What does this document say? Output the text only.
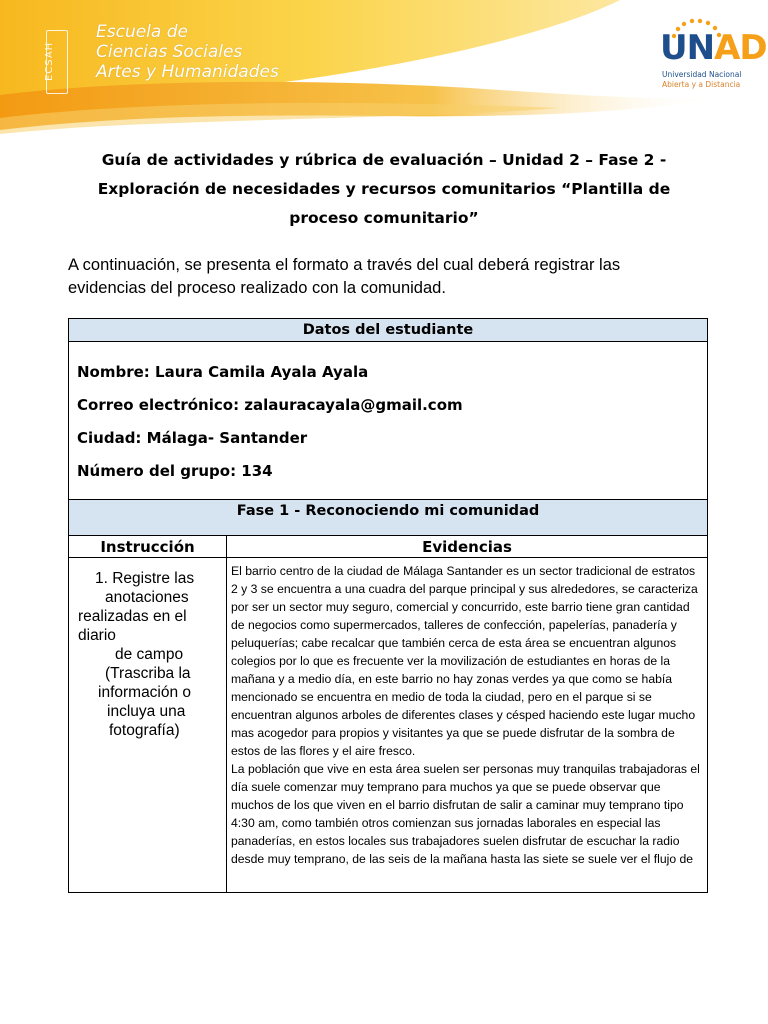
ECSAH
Escuela de
Ciencias Sociales
Artes y Humanidades
UNAD
Universidad Nacional
Abierta y a Distancia
Guía de actividades y rúbrica de evaluación – Unidad 2 – Fase 2 -
Exploración de necesidades y recursos comunitarios “Plantilla de
proceso comunitario”
A continuación, se presenta el formato a través del cual deberá registrar las
evidencias del proceso realizado con la comunidad.
Datos del estudiante
Nombre: Laura Camila Ayala Ayala
Correo electrónico: zalauracayala@gmail.com
Ciudad: Málaga- Santander
Número del grupo: 134
Fase 1 - Reconociendo mi comunidad
Instrucción	Evidencias
1. Registre las
anotaciones
realizadas en el
diario
de campo
(Trascriba la
información o
incluya una
fotografía)

El barrio centro de la ciudad de Málaga Santander es un sector tradicional de estratos 2 y 3 se encuentra a una cuadra del parque principal y sus alrededores, se caracteriza por ser un sector muy seguro, comercial y concurrido, este barrio tiene gran cantidad de negocios como supermercados, talleres de confección, papelerías, panadería y peluquerías; cabe recalcar que también cerca de esta área se encuentran algunos colegios por lo que es frecuente ver la movilización de estudiantes en horas de la mañana y a medio día, en este barrio no hay zonas verdes ya que como se había mencionado se encuentra en medio de toda la ciudad, pero en el parque si se encuentran algunos arboles de diferentes clases y césped haciendo este lugar mucho mas acogedor para propios y visitantes ya que se puede disfrutar de la sombra de estos de las flores y el aire fresco.

La población que vive en esta área suelen ser personas muy tranquilas trabajadoras el día suele comenzar muy temprano para muchos ya que se puede observar que muchos de los que viven en el barrio disfrutan de salir a caminar muy temprano tipo 4:30 am, como también otros comienzan sus jornadas laborales en especial las panaderías, en estos locales sus trabajadores suelen disfrutar de escuchar la radio desde muy temprano, de las seis de la mañana hasta las siete se suele ver el flujo de
